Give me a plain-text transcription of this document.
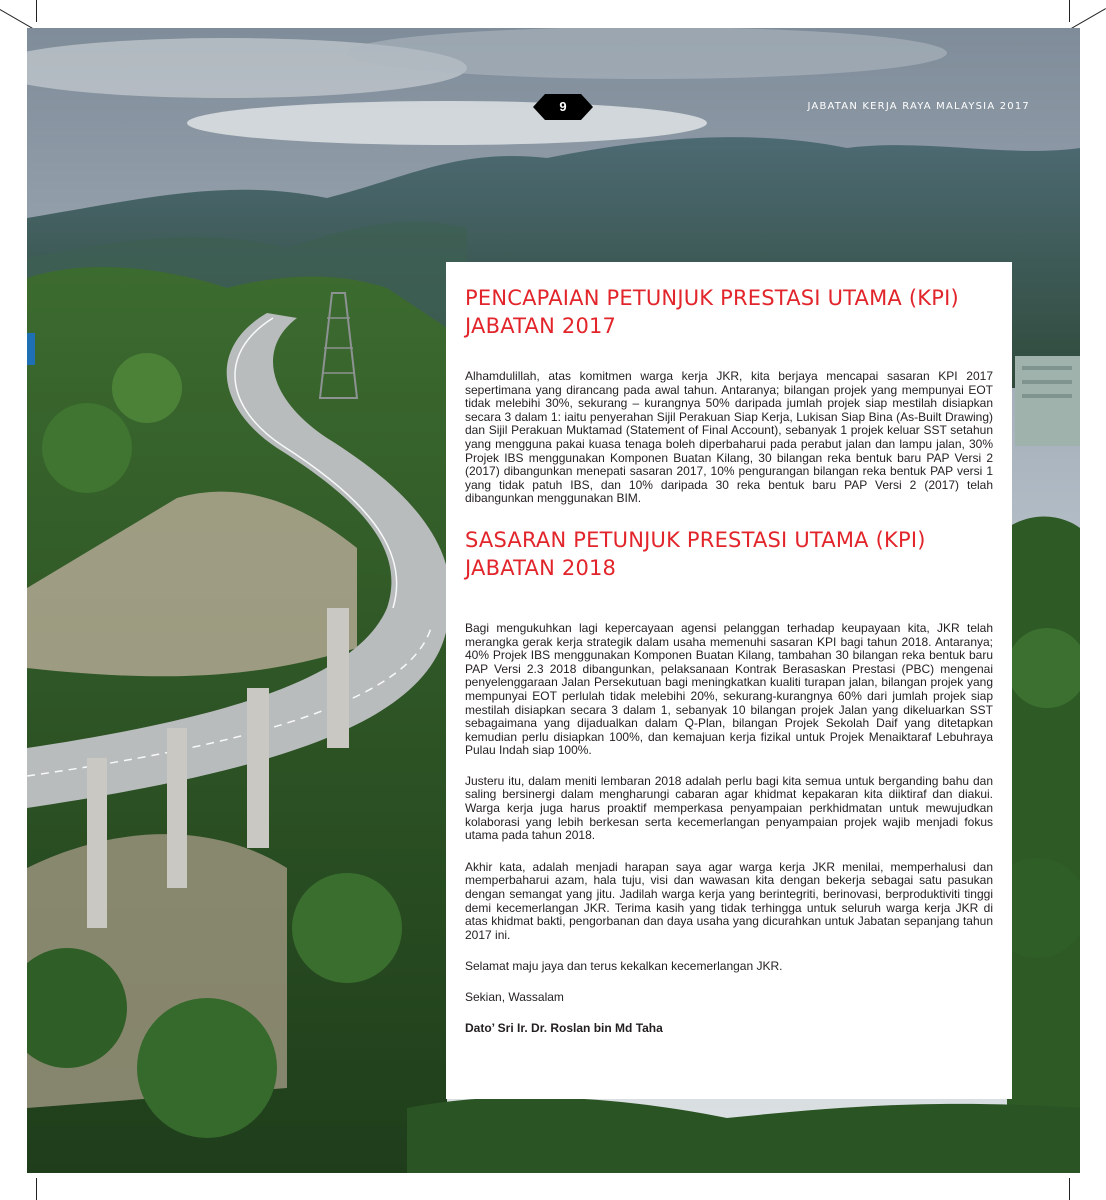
9	JABATAN KERJA RAYA MALAYSIA 2017
PENCAPAIAN PETUNJUK PRESTASI UTAMA (KPI) JABATAN 2017

Alhamdulillah, atas komitmen warga kerja JKR, kita berjaya mencapai sasaran KPI 2017 sepertimana yang dirancang pada awal tahun. Antaranya; bilangan projek yang mempunyai EOT tidak melebihi 30%, sekurang – kurangnya 50% daripada jumlah projek siap mestilah disiapkan secara 3 dalam 1: iaitu penyerahan Sijil Perakuan Siap Kerja, Lukisan Siap Bina (As-Built Drawing) dan Sijil Perakuan Muktamad (Statement of Final Account), sebanyak 1 projek keluar SST setahun yang mengguna pakai kuasa tenaga boleh diperbaharui pada perabut jalan dan lampu jalan, 30% Projek IBS menggunakan Komponen Buatan Kilang, 30 bilangan reka bentuk baru PAP Versi 2 (2017) dibangunkan menepati sasaran 2017, 10% pengurangan bilangan reka bentuk PAP versi 1 yang tidak patuh IBS, dan 10% daripada 30 reka bentuk baru PAP Versi 2 (2017) telah dibangunkan menggunakan BIM.

SASARAN PETUNJUK PRESTASI UTAMA (KPI) JABATAN 2018

Bagi mengukuhkan lagi kepercayaan agensi pelanggan terhadap keupayaan kita, JKR telah merangka gerak kerja strategik dalam usaha memenuhi sasaran KPI bagi tahun 2018. Antaranya; 40% Projek IBS menggunakan Komponen Buatan Kilang, tambahan 30 bilangan reka bentuk baru PAP Versi 2.3 2018 dibangunkan, pelaksanaan Kontrak Berasaskan Prestasi (PBC) mengenai penyelenggaraan Jalan Persekutuan bagi meningkatkan kualiti turapan jalan, bilangan projek yang mempunyai EOT perlulah tidak melebihi 20%, sekurang-kurangnya 60% dari jumlah projek siap mestilah disiapkan secara 3 dalam 1, sebanyak 10 bilangan projek Jalan yang dikeluarkan SST sebagaimana yang dijadualkan dalam Q-Plan, bilangan Projek Sekolah Daif yang ditetapkan kemudian perlu disiapkan 100%, dan kemajuan kerja fizikal untuk Projek Menaiktaraf Lebuhraya Pulau Indah siap 100%.

Justeru itu, dalam meniti lembaran 2018 adalah perlu bagi kita semua untuk berganding bahu dan saling bersinergi dalam mengharungi cabaran agar khidmat kepakaran kita diiktiraf dan diakui. Warga kerja juga harus proaktif memperkasa penyampaian perkhidmatan untuk mewujudkan kolaborasi yang lebih berkesan serta kecemerlangan penyampaian projek wajib menjadi fokus utama pada tahun 2018.

Akhir kata, adalah menjadi harapan saya agar warga kerja JKR menilai, memperhalusi dan memperbaharui azam, hala tuju, visi dan wawasan kita dengan bekerja sebagai satu pasukan dengan semangat yang jitu. Jadilah warga kerja yang berintegriti, berinovasi, berproduktiviti tinggi demi kecemerlangan JKR. Terima kasih yang tidak terhingga untuk seluruh warga kerja JKR di atas khidmat bakti, pengorbanan dan daya usaha yang dicurahkan untuk Jabatan sepanjang tahun 2017 ini.

Selamat maju jaya dan terus kekalkan kecemerlangan JKR.

Sekian, Wassalam

Dato’ Sri Ir. Dr. Roslan bin Md Taha
